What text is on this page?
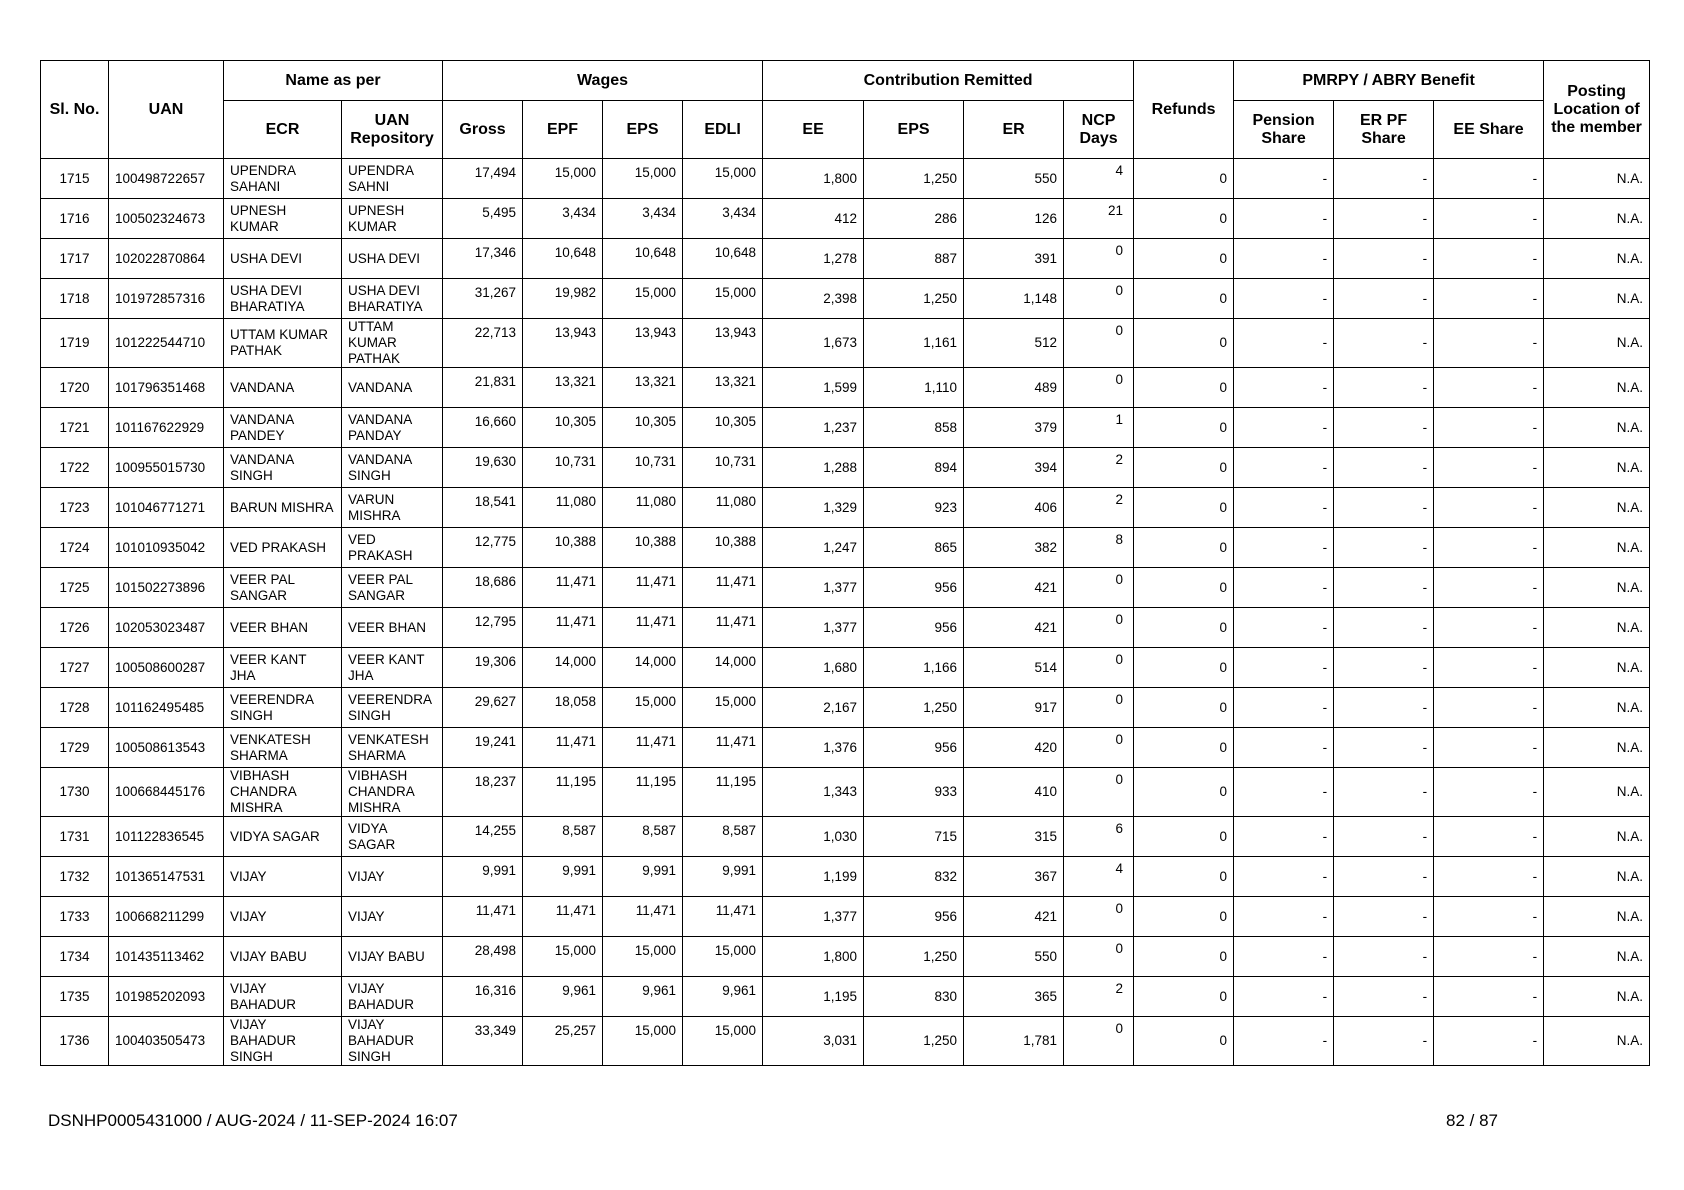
Sl. No.	UAN	Name as per		Wages				Contribution Remitted				Refunds	PMRPY / ABRY Benefit			Posting Location of the member
		ECR	UAN Repository	Gross	EPF	EPS	EDLI	EE	EPS	ER	NCP Days		Pension Share	ER PF Share	EE Share	
1715	100498722657	UPENDRA SAHANI	UPENDRA SAHNI	17,494	15,000	15,000	15,000	1,800	1,250	550	4	0	-	-	-	N.A.
1716	100502324673	UPNESH KUMAR	UPNESH KUMAR	5,495	3,434	3,434	3,434	412	286	126	21	0	-	-	-	N.A.
1717	102022870864	USHA DEVI	USHA DEVI	17,346	10,648	10,648	10,648	1,278	887	391	0	0	-	-	-	N.A.
1718	101972857316	USHA DEVI BHARATIYA	USHA DEVI BHARATIYA	31,267	19,982	15,000	15,000	2,398	1,250	1,148	0	0	-	-	-	N.A.
1719	101222544710	UTTAM KUMAR PATHAK	UTTAM KUMAR PATHAK	22,713	13,943	13,943	13,943	1,673	1,161	512	0	0	-	-	-	N.A.
1720	101796351468	VANDANA	VANDANA	21,831	13,321	13,321	13,321	1,599	1,110	489	0	0	-	-	-	N.A.
1721	101167622929	VANDANA PANDEY	VANDANA PANDAY	16,660	10,305	10,305	10,305	1,237	858	379	1	0	-	-	-	N.A.
1722	100955015730	VANDANA SINGH	VANDANA SINGH	19,630	10,731	10,731	10,731	1,288	894	394	2	0	-	-	-	N.A.
1723	101046771271	BARUN MISHRA	VARUN MISHRA	18,541	11,080	11,080	11,080	1,329	923	406	2	0	-	-	-	N.A.
1724	101010935042	VED PRAKASH	VED PRAKASH	12,775	10,388	10,388	10,388	1,247	865	382	8	0	-	-	-	N.A.
1725	101502273896	VEER PAL SANGAR	VEER PAL SANGAR	18,686	11,471	11,471	11,471	1,377	956	421	0	0	-	-	-	N.A.
1726	102053023487	VEER BHAN	VEER BHAN	12,795	11,471	11,471	11,471	1,377	956	421	0	0	-	-	-	N.A.
1727	100508600287	VEER KANT JHA	VEER KANT JHA	19,306	14,000	14,000	14,000	1,680	1,166	514	0	0	-	-	-	N.A.
1728	101162495485	VEERENDRA SINGH	VEERENDRA SINGH	29,627	18,058	15,000	15,000	2,167	1,250	917	0	0	-	-	-	N.A.
1729	100508613543	VENKATESH SHARMA	VENKATESH SHARMA	19,241	11,471	11,471	11,471	1,376	956	420	0	0	-	-	-	N.A.
1730	100668445176	VIBHASH CHANDRA MISHRA	VIBHASH CHANDRA MISHRA	18,237	11,195	11,195	11,195	1,343	933	410	0	0	-	-	-	N.A.
1731	101122836545	VIDYA SAGAR	VIDYA SAGAR	14,255	8,587	8,587	8,587	1,030	715	315	6	0	-	-	-	N.A.
1732	101365147531	VIJAY	VIJAY	9,991	9,991	9,991	9,991	1,199	832	367	4	0	-	-	-	N.A.
1733	100668211299	VIJAY	VIJAY	11,471	11,471	11,471	11,471	1,377	956	421	0	0	-	-	-	N.A.
1734	101435113462	VIJAY BABU	VIJAY BABU	28,498	15,000	15,000	15,000	1,800	1,250	550	0	0	-	-	-	N.A.
1735	101985202093	VIJAY BAHADUR	VIJAY BAHADUR	16,316	9,961	9,961	9,961	1,195	830	365	2	0	-	-	-	N.A.
1736	100403505473	VIJAY BAHADUR SINGH	VIJAY BAHADUR SINGH	33,349	25,257	15,000	15,000	3,031	1,250	1,781	0	0	-	-	-	N.A.
DSNHP0005431000 / AUG-2024 / 11-SEP-2024 16:07	82 / 87
